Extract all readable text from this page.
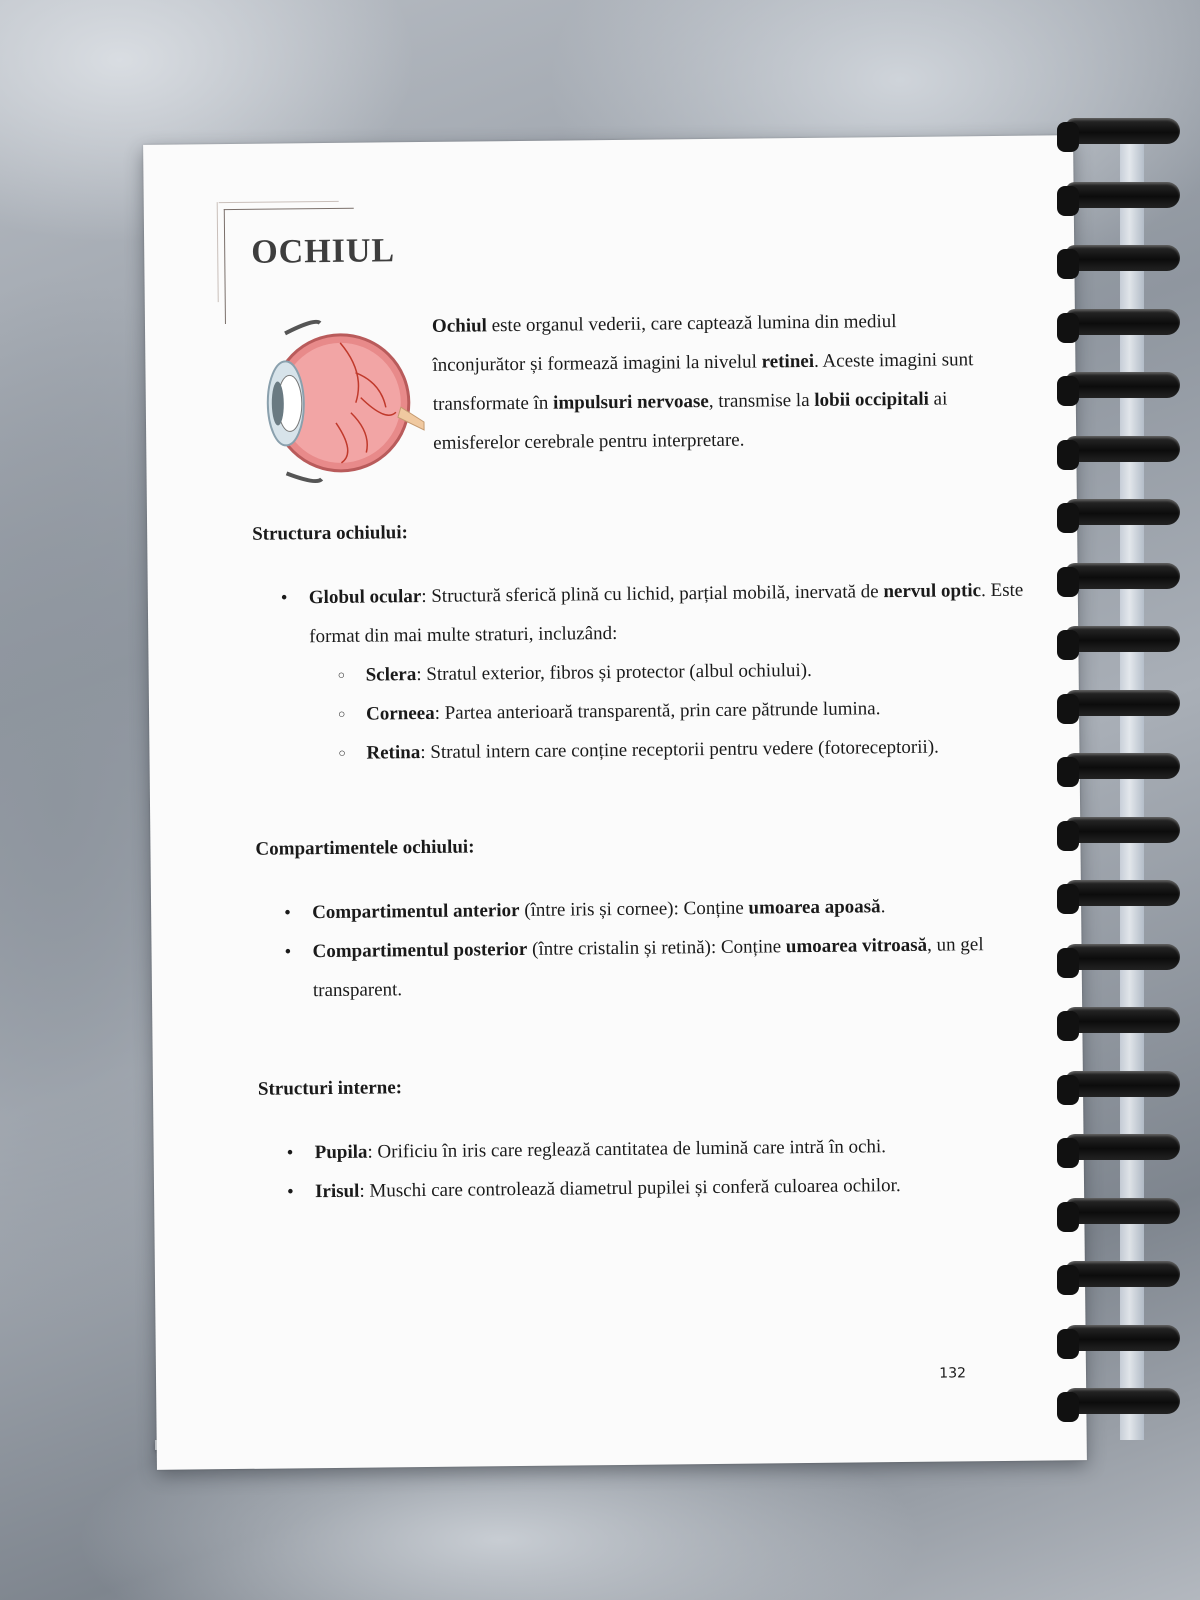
OCHIUL

Ochiul este organul vederii, care captează lumina din mediul înconjurător și formează imagini la nivelul retinei. Aceste imagini sunt transformate în impulsuri nervoase, transmise la lobii occipitali ai emisferelor cerebrale pentru interpretare.

Structura ochiului:
• Globul ocular: Structură sferică plină cu lichid, parțial mobilă, inervată de nervul optic. Este format din mai multe straturi, incluzând:
○ Sclera: Stratul exterior, fibros și protector (albul ochiului).
○ Corneea: Partea anterioară transparentă, prin care pătrunde lumina.
○ Retina: Stratul intern care conține receptorii pentru vedere (fotoreceptorii).
Compartimentele ochiului:
• Compartimentul anterior (între iris și cornee): Conține umoarea apoasă.
• Compartimentul posterior (între cristalin și retină): Conține umoarea vitroasă, un gel transparent.
Structuri interne:
• Pupila: Orificiu în iris care reglează cantitatea de lumină care intră în ochi.
• Irisul: Muschi care controlează diametrul pupilei și conferă culoarea ochilor.

132
